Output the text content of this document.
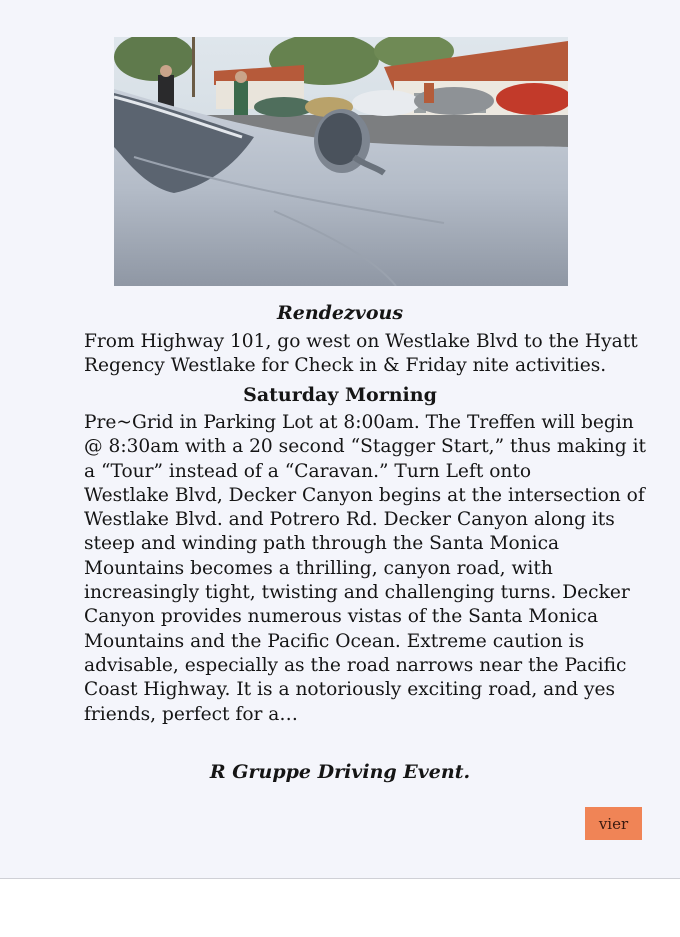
Rendezvous

From Highway 101, go west on Westlake Blvd to the Hyatt
Regency Westlake for Check in & Friday nite activities.

Saturday Morning

Pre~Grid in Parking Lot at 8:00am. The Treffen will begin
@ 8:30am with a 20 second “Stagger Start,” thus making it
a “Tour” instead of a “Caravan.” Turn Left onto
Westlake Blvd, Decker Canyon begins at the intersection of
Westlake Blvd. and Potrero Rd. Decker Canyon along its
steep and winding path through the Santa Monica
Mountains becomes a thrilling, canyon road, with
increasingly tight, twisting and challenging turns. Decker
Canyon provides numerous vistas of the Santa Monica
Mountains and the Pacific Ocean. Extreme caution is
advisable, especially as the road narrows near the Pacific
Coast Highway. It is a notoriously exciting road, and yes
friends, perfect for a…

R Gruppe Driving Event.
vier
